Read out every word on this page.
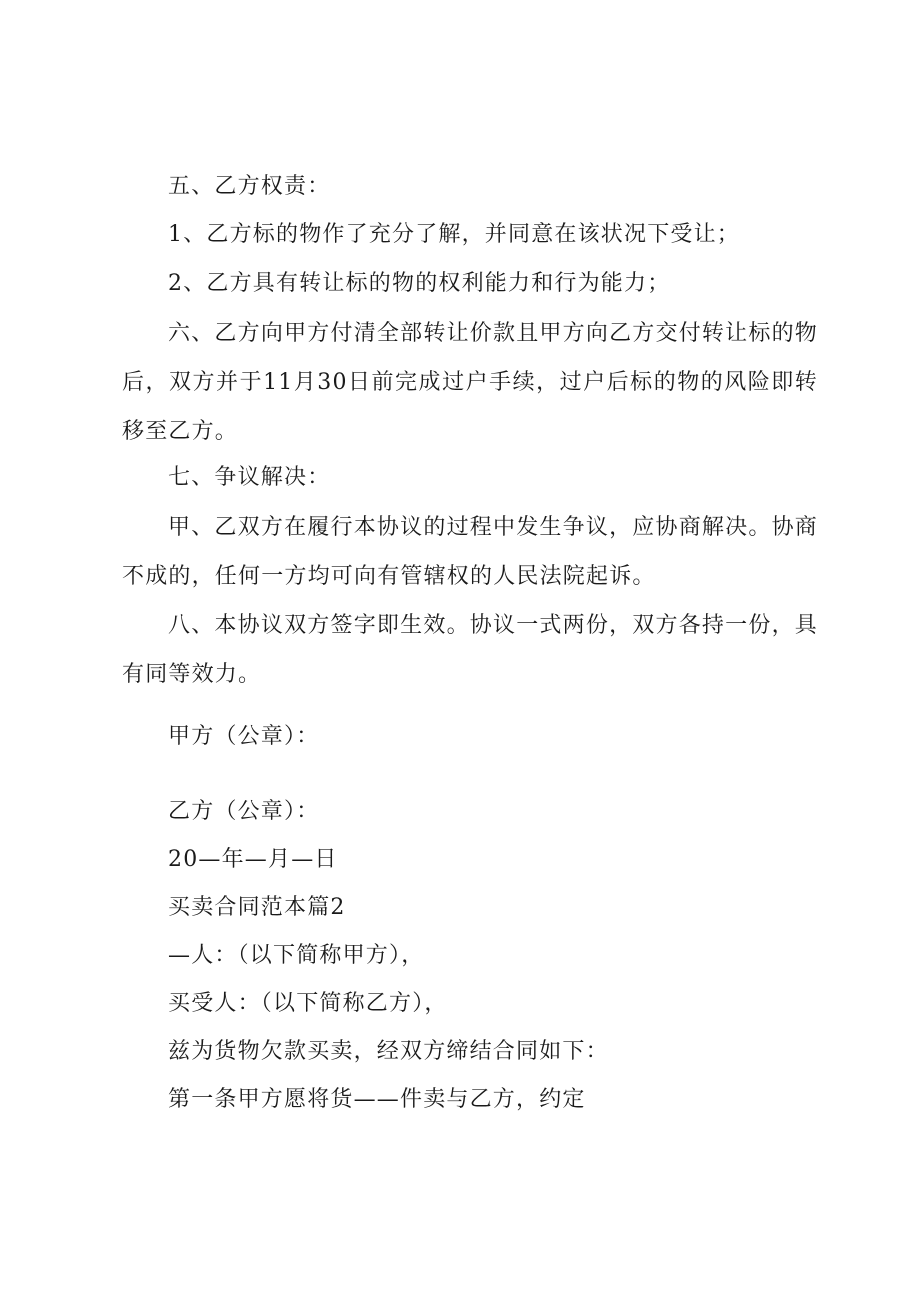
五、乙方权责：

1、乙方标的物作了充分了解，并同意在该状况下受让；

2、乙方具有转让标的物的权利能力和行为能力；

六、乙方向甲方付清全部转让价款且甲方向乙方交付转让标的物后，双方并于11月30日前完成过户手续，过户后标的物的风险即转移至乙方。

七、争议解决：

甲、乙双方在履行本协议的过程中发生争议，应协商解决。协商不成的，任何一方均可向有管辖权的人民法院起诉。

八、本协议双方签字即生效。协议一式两份，双方各持一份，具有同等效力。

甲方（公章）：

乙方（公章）：

20—年—月—日

买卖合同范本篇2

—人：（以下简称甲方），

买受人：（以下简称乙方），

兹为货物欠款买卖，经双方缔结合同如下：

第一条甲方愿将货——件卖与乙方，约定
